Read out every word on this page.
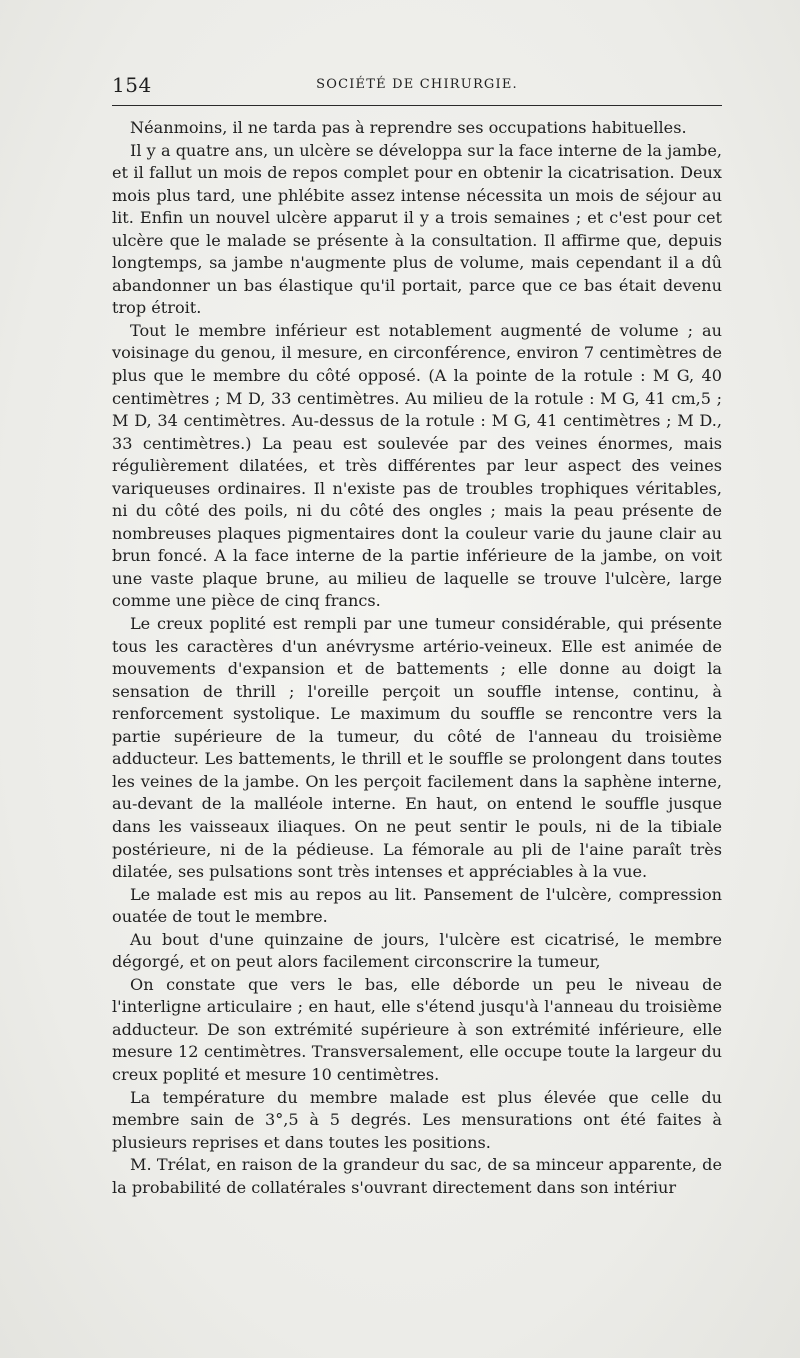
154	SOCIÉTÉ DE CHIRURGIE.

Néanmoins, il ne tarda pas à reprendre ses occupations habituelles.

Il y a quatre ans, un ulcère se développa sur la face interne de la jambe, et il fallut un mois de repos complet pour en obtenir la cicatrisation. Deux mois plus tard, une phlébite assez intense nécessita un mois de séjour au lit. Enfin un nouvel ulcère apparut il y a trois semaines ; et c'est pour cet ulcère que le malade se présente à la consultation. Il affirme que, depuis longtemps, sa jambe n'augmente plus de volume, mais cependant il a dû abandonner un bas élastique qu'il portait, parce que ce bas était devenu trop étroit.

Tout le membre inférieur est notablement augmenté de volume ; au voisinage du genou, il mesure, en circonférence, environ 7 centimètres de plus que le membre du côté opposé. (A la pointe de la rotule : M G, 40 centimètres ; M D, 33 centimètres. Au milieu de la rotule : M G, 41 cm,5 ; M D, 34 centimètres. Au-dessus de la rotule : M G, 41 centimètres ; M D., 33 centimètres.) La peau est soulevée par des veines énormes, mais régulièrement dilatées, et très différentes par leur aspect des veines variqueuses ordinaires. Il n'existe pas de troubles trophiques véritables, ni du côté des poils, ni du côté des ongles ; mais la peau présente de nombreuses plaques pigmentaires dont la couleur varie du jaune clair au brun foncé. A la face interne de la partie inférieure de la jambe, on voit une vaste plaque brune, au milieu de laquelle se trouve l'ulcère, large comme une pièce de cinq francs.

Le creux poplité est rempli par une tumeur considérable, qui présente tous les caractères d'un anévrysme artério-veineux. Elle est animée de mouvements d'expansion et de battements ; elle donne au doigt la sensation de thrill ; l'oreille perçoit un souffle intense, continu, à renforcement systolique. Le maximum du souffle se rencontre vers la partie supérieure de la tumeur, du côté de l'anneau du troisième adducteur. Les battements, le thrill et le souffle se prolongent dans toutes les veines de la jambe. On les perçoit facilement dans la saphène interne, au-devant de la malléole interne. En haut, on entend le souffle jusque dans les vaisseaux iliaques. On ne peut sentir le pouls, ni de la tibiale postérieure, ni de la pédieuse. La fémorale au pli de l'aine paraît très dilatée, ses pulsations sont très intenses et appréciables à la vue.

Le malade est mis au repos au lit. Pansement de l'ulcère, compression ouatée de tout le membre.

Au bout d'une quinzaine de jours, l'ulcère est cicatrisé, le membre dégorgé, et on peut alors facilement circonscrire la tumeur,

On constate que vers le bas, elle déborde un peu le niveau de l'interligne articulaire ; en haut, elle s'étend jusqu'à l'anneau du troisième adducteur. De son extrémité supérieure à son extrémité inférieure, elle mesure 12 centimètres. Transversalement, elle occupe toute la largeur du creux poplité et mesure 10 centimètres.

La température du membre malade est plus élevée que celle du membre sain de 3°,5 à 5 degrés. Les mensurations ont été faites à plusieurs reprises et dans toutes les positions.

M. Trélat, en raison de la grandeur du sac, de sa minceur apparente, de la probabilité de collatérales s'ouvrant directement dans son intériur
